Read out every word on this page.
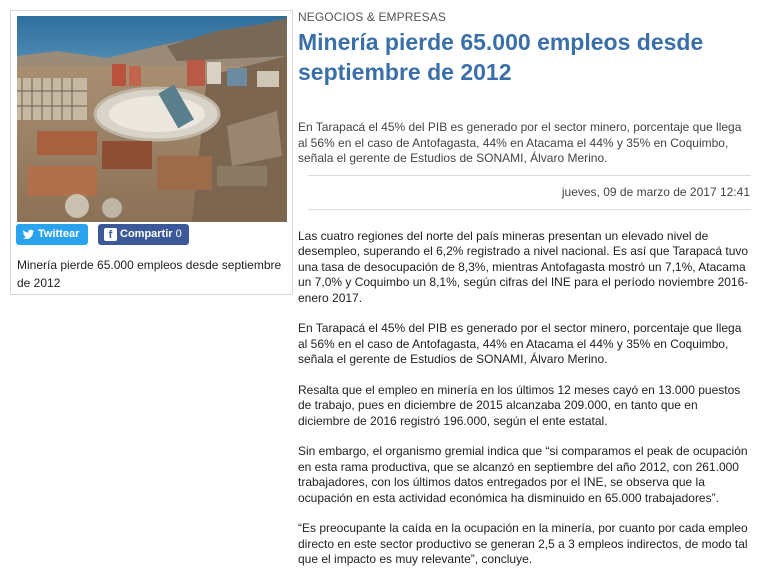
Twittear	f Compartir 0
Minería pierde 65.000 empleos desde septiembre de 2012
NEGOCIOS & EMPRESAS
Minería pierde 65.000 empleos desde septiembre de 2012
En Tarapacá el 45% del PIB es generado por el sector minero, porcentaje que llega al 56% en el caso de Antofagasta, 44% en Atacama el 44% y 35% en Coquimbo, señala el gerente de Estudios de SONAMI, Álvaro Merino.
jueves, 09 de marzo de 2017 12:41

Las cuatro regiones del norte del país mineras presentan un elevado nivel de desempleo, superando el 6,2% registrado a nivel nacional. Es así que Tarapacá tuvo una tasa de desocupación de 8,3%, mientras Antofagasta mostró un 7,1%, Atacama un 7,0% y Coquimbo un 8,1%, según cifras del INE para el período noviembre 2016-enero 2017.

En Tarapacá el 45% del PIB es generado por el sector minero, porcentaje que llega al 56% en el caso de Antofagasta, 44% en Atacama el 44% y 35% en Coquimbo, señala el gerente de Estudios de SONAMI, Álvaro Merino.

Resalta que el empleo en minería en los últimos 12 meses cayó en 13.000 puestos de trabajo, pues en diciembre de 2015 alcanzaba 209.000, en tanto que en diciembre de 2016 registró 196.000, según el ente estatal.

Sin embargo, el organismo gremial indica que “si comparamos el peak de ocupación en esta rama productiva, que se alcanzó en septiembre del año 2012, con 261.000 trabajadores, con los últimos datos entregados por el INE, se observa que la ocupación en esta actividad económica ha disminuido en 65.000 trabajadores”.

“Es preocupante la caída en la ocupación en la minería, por cuanto por cada empleo directo en este sector productivo se generan 2,5 a 3 empleos indirectos, de modo tal que el impacto es muy relevante”, concluye.
